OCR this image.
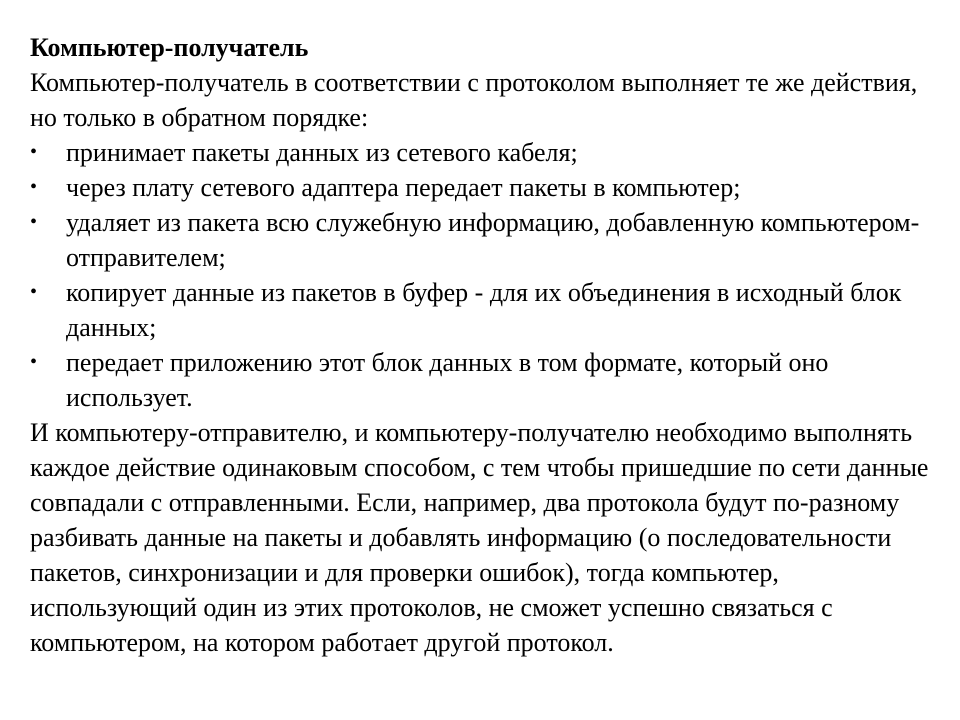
Компьютер-получатель

Компьютер-получатель в соответствии с протоколом выполняет те же действия, но только в обратном порядке:

• принимает пакеты данных из сетевого кабеля;
• через плату сетевого адаптера передает пакеты в компьютер;
• удаляет из пакета всю служебную информацию, добавленную компьютером-отправителем;
• копирует данные из пакетов в буфер - для их объединения в исходный блок данных;
• передает приложению этот блок данных в том формате, который оно использует.

И компьютеру-отправителю, и компьютеру-получателю необходимо выполнять каждое действие одинаковым способом, с тем чтобы пришедшие по сети данные совпадали с отправленными. Если, например, два протокола будут по-разному разбивать данные на пакеты и добавлять информацию (о последовательности пакетов, синхронизации и для проверки ошибок), тогда компьютер, использующий один из этих протоколов, не сможет успешно связаться с компьютером, на котором работает другой протокол.
